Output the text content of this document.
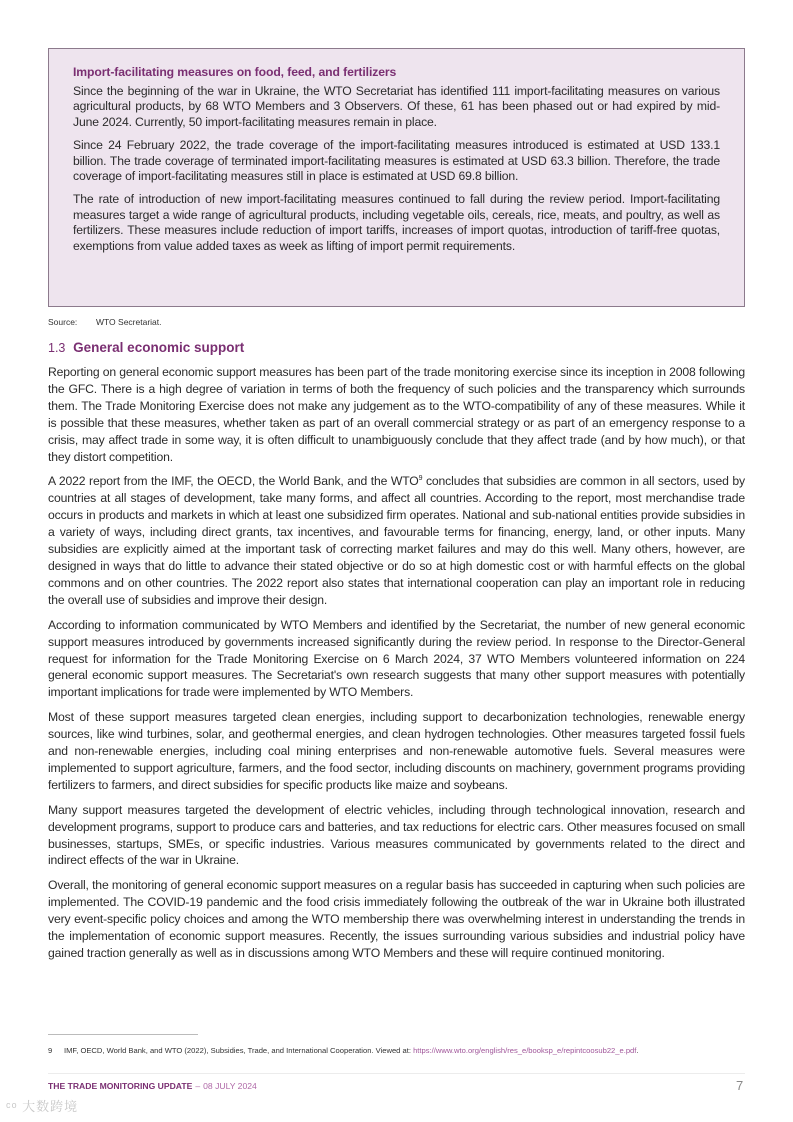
Import-facilitating measures on food, feed, and fertilizers

Since the beginning of the war in Ukraine, the WTO Secretariat has identified 111 import-facilitating measures on various agricultural products, by 68 WTO Members and 3 Observers. Of these, 61 has been phased out or had expired by mid-June 2024. Currently, 50 import-facilitating measures remain in place.

Since 24 February 2022, the trade coverage of the import-facilitating measures introduced is estimated at USD 133.1 billion. The trade coverage of terminated import-facilitating measures is estimated at USD 63.3 billion. Therefore, the trade coverage of import-facilitating measures still in place is estimated at USD 69.8 billion.

The rate of introduction of new import-facilitating measures continued to fall during the review period. Import-facilitating measures target a wide range of agricultural products, including vegetable oils, cereals, rice, meats, and poultry, as well as fertilizers. These measures include reduction of import tariffs, increases of import quotas, introduction of tariff-free quotas, exemptions from value added taxes as week as lifting of import permit requirements.

Source: WTO Secretariat.
1.3 General economic support

Reporting on general economic support measures has been part of the trade monitoring exercise since its inception in 2008 following the GFC. There is a high degree of variation in terms of both the frequency of such policies and the transparency which surrounds them. The Trade Monitoring Exercise does not make any judgement as to the WTO-compatibility of any of these measures. While it is possible that these measures, whether taken as part of an overall commercial strategy or as part of an emergency response to a crisis, may affect trade in some way, it is often difficult to unambiguously conclude that they affect trade (and by how much), or that they distort competition.

A 2022 report from the IMF, the OECD, the World Bank, and the WTO$^9$ concludes that subsidies are common in all sectors, used by countries at all stages of development, take many forms, and affect all countries. According to the report, most merchandise trade occurs in products and markets in which at least one subsidized firm operates. National and sub-national entities provide subsidies in a variety of ways, including direct grants, tax incentives, and favourable terms for financing, energy, land, or other inputs. Many subsidies are explicitly aimed at the important task of correcting market failures and may do this well. Many others, however, are designed in ways that do little to advance their stated objective or do so at high domestic cost or with harmful effects on the global commons and on other countries. The 2022 report also states that international cooperation can play an important role in reducing the overall use of subsidies and improve their design.

According to information communicated by WTO Members and identified by the Secretariat, the number of new general economic support measures introduced by governments increased significantly during the review period. In response to the Director-General request for information for the Trade Monitoring Exercise on 6 March 2024, 37 WTO Members volunteered information on 224 general economic support measures. The Secretariat's own research suggests that many other support measures with potentially important implications for trade were implemented by WTO Members.

Most of these support measures targeted clean energies, including support to decarbonization technologies, renewable energy sources, like wind turbines, solar, and geothermal energies, and clean hydrogen technologies. Other measures targeted fossil fuels and non-renewable energies, including coal mining enterprises and non-renewable automotive fuels. Several measures were implemented to support agriculture, farmers, and the food sector, including discounts on machinery, government programs providing fertilizers to farmers, and direct subsidies for specific products like maize and soybeans.

Many support measures targeted the development of electric vehicles, including through technological innovation, research and development programs, support to produce cars and batteries, and tax reductions for electric cars. Other measures focused on small businesses, startups, SMEs, or specific industries. Various measures communicated by governments related to the direct and indirect effects of the war in Ukraine.

Overall, the monitoring of general economic support measures on a regular basis has succeeded in capturing when such policies are implemented. The COVID-19 pandemic and the food crisis immediately following the outbreak of the war in Ukraine both illustrated very event-specific policy choices and among the WTO membership there was overwhelming interest in understanding the trends in the implementation of economic support measures. Recently, the issues surrounding various subsidies and industrial policy have gained traction generally as well as in discussions among WTO Members and these will require continued monitoring.

9 IMF, OECD, World Bank, and WTO (2022), Subsidies, Trade, and International Cooperation. Viewed at: https://www.wto.org/english/res_e/booksp_e/repintcoosub22_e.pdf.
THE TRADE MONITORING UPDATE – 08 JULY 2024	7
ᶜᵒ 大数跨境
